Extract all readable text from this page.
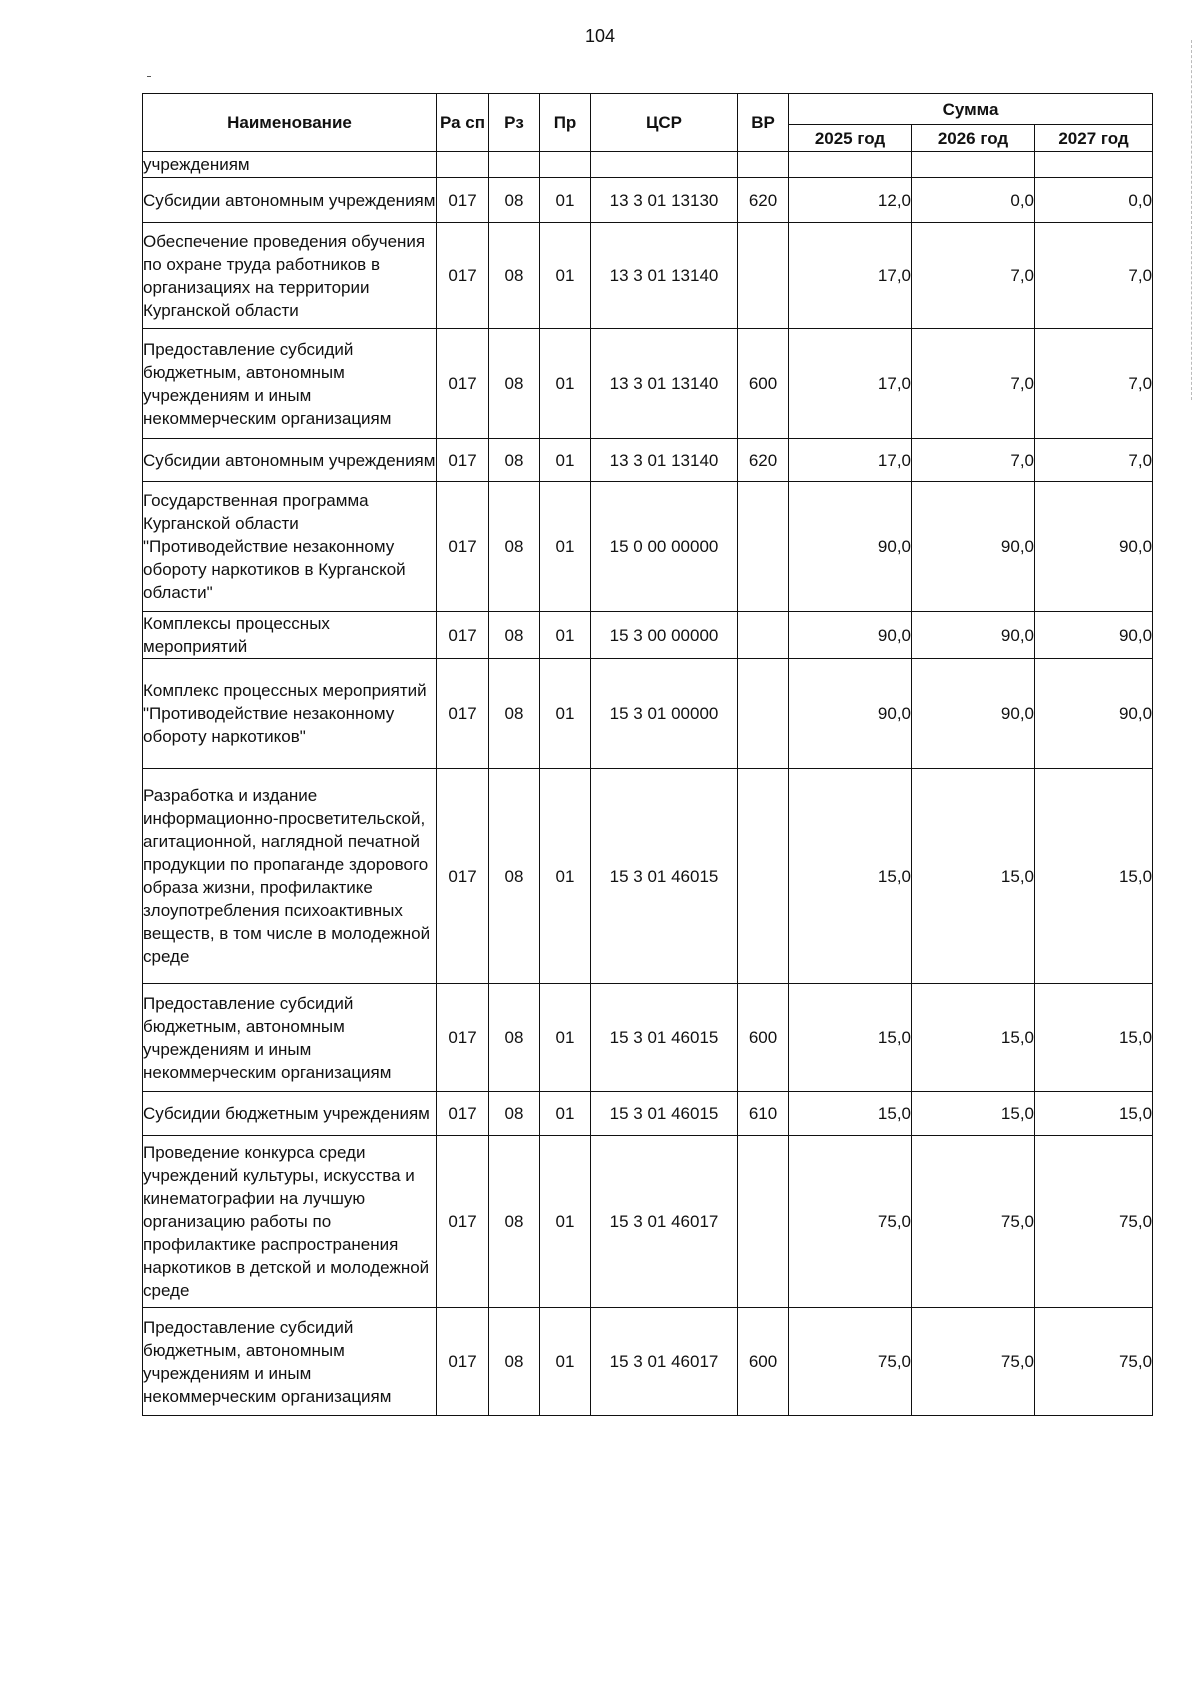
104
Наименование	Ра сп	Рз	Пр	ЦСР	ВР	Сумма		
						2025 год	2026 год	2027 год
учреждениям								
Субсидии автономным учреждениям	017	08	01	13 3 01 13130	620	12,0	0,0	0,0
Обеспечение проведения обучения по охране труда работников в организациях на территории Курганской области	017	08	01	13 3 01 13140		17,0	7,0	7,0
Предоставление субсидий бюджетным, автономным учреждениям и иным некоммерческим организациям	017	08	01	13 3 01 13140	600	17,0	7,0	7,0
Субсидии автономным учреждениям	017	08	01	13 3 01 13140	620	17,0	7,0	7,0
Государственная программа Курганской области "Противодействие незаконному обороту наркотиков в Курганской области"	017	08	01	15 0 00 00000		90,0	90,0	90,0
Комплексы процессных мероприятий	017	08	01	15 3 00 00000		90,0	90,0	90,0
Комплекс процессных мероприятий "Противодействие незаконному обороту наркотиков"	017	08	01	15 3 01 00000		90,0	90,0	90,0
Разработка и издание информационно-просветительской, агитационной, наглядной печатной продукции по пропаганде здорового образа жизни, профилактике злоупотребления психоактивных веществ, в том числе в молодежной среде	017	08	01	15 3 01 46015		15,0	15,0	15,0
Предоставление субсидий бюджетным, автономным учреждениям и иным некоммерческим организациям	017	08	01	15 3 01 46015	600	15,0	15,0	15,0
Субсидии бюджетным учреждениям	017	08	01	15 3 01 46015	610	15,0	15,0	15,0
Проведение конкурса среди учреждений культуры, искусства и кинематографии на лучшую организацию работы по профилактике распространения наркотиков в детской и молодежной среде	017	08	01	15 3 01 46017		75,0	75,0	75,0
Предоставление субсидий бюджетным, автономным учреждениям и иным некоммерческим организациям	017	08	01	15 3 01 46017	600	75,0	75,0	75,0
